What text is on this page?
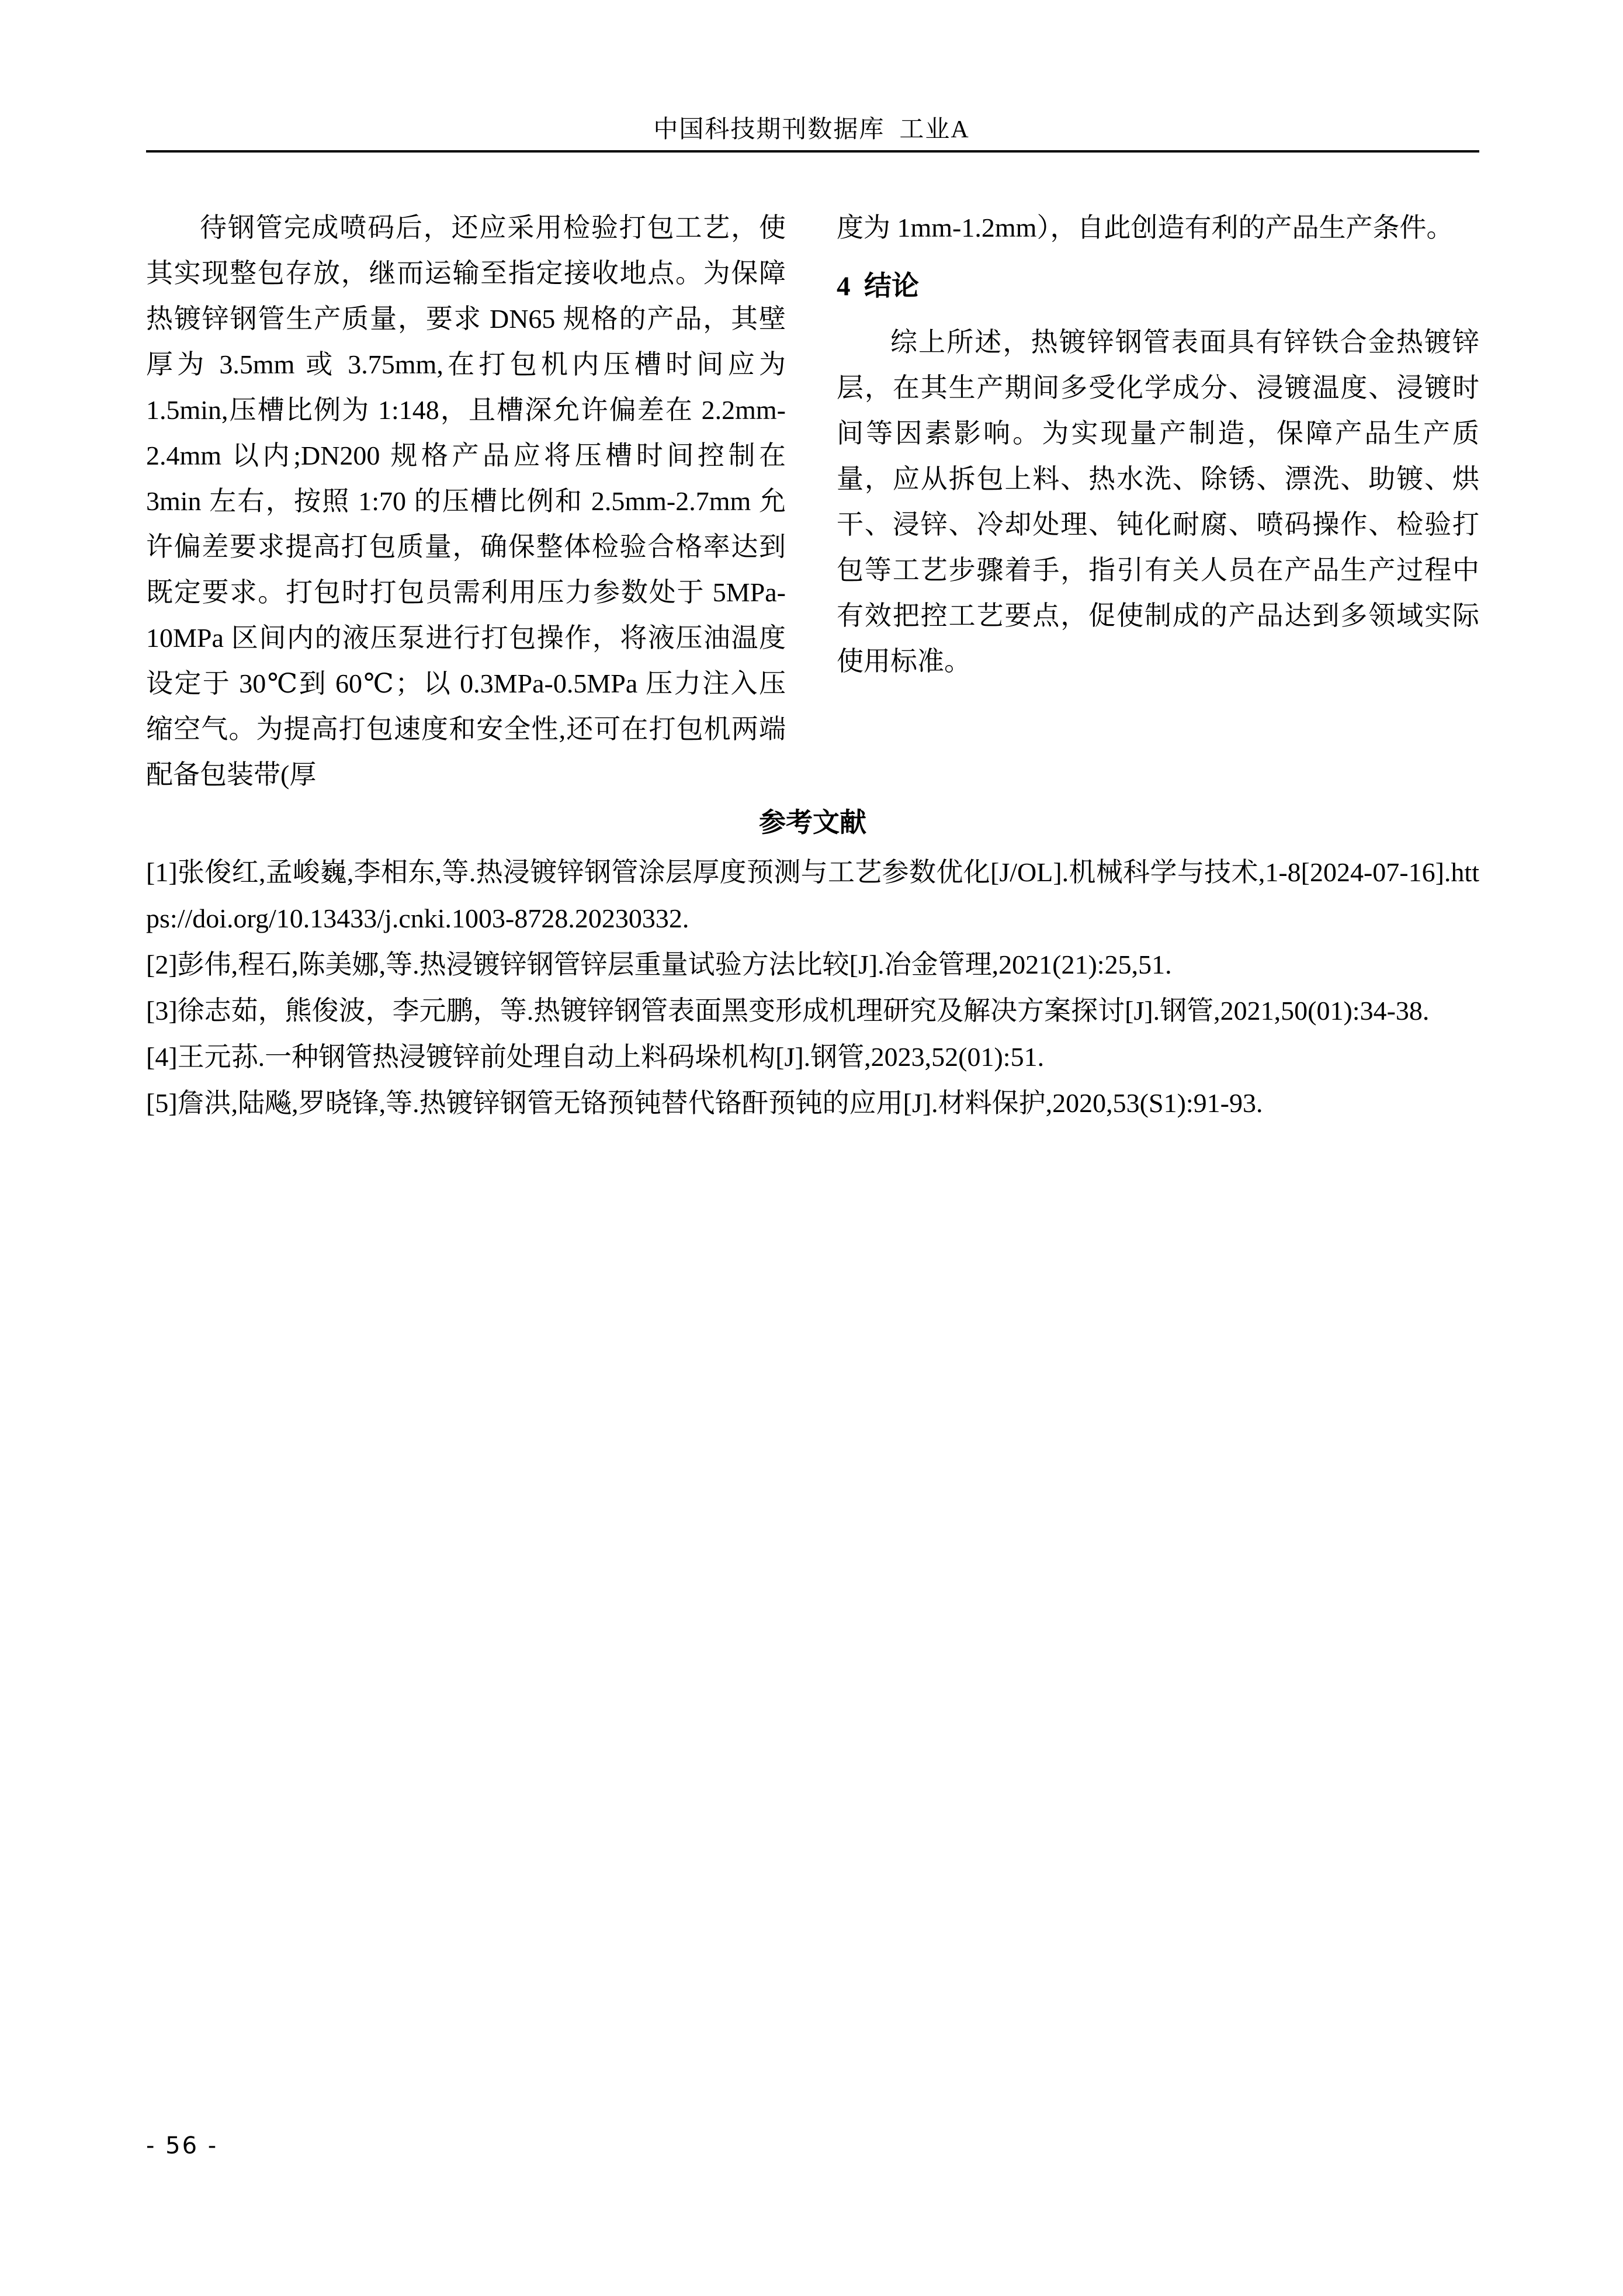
中国科技期刊数据库  工业A

待钢管完成喷码后，还应采用检验打包工艺，使其实现整包存放，继而运输至指定接收地点。为保障热镀锌钢管生产质量，要求 DN65 规格的产品，其壁厚为 3.5mm 或 3.75mm,在打包机内压槽时间应为 1.5min,压槽比例为 1:148，且槽深允许偏差在 2.2mm-2.4mm 以内;DN200 规格产品应将压槽时间控制在 3min 左右，按照 1:70 的压槽比例和 2.5mm-2.7mm 允许偏差要求提高打包质量，确保整体检验合格率达到既定要求。打包时打包员需利用压力参数处于 5MPa-10MPa 区间内的液压泵进行打包操作，将液压油温度设定于 30℃到 60℃；以 0.3MPa-0.5MPa 压力注入压缩空气。为提高打包速度和安全性,还可在打包机两端配备包装带(厚

度为 1mm-1.2mm），自此创造有利的产品生产条件。

4  结论

综上所述，热镀锌钢管表面具有锌铁合金热镀锌层，在其生产期间多受化学成分、浸镀温度、浸镀时间等因素影响。为实现量产制造，保障产品生产质量，应从拆包上料、热水洗、除锈、漂洗、助镀、烘干、浸锌、冷却处理、钝化耐腐、喷码操作、检验打包等工艺步骤着手，指引有关人员在产品生产过程中有效把控工艺要点，促使制成的产品达到多领域实际使用标准。

参考文献

[1]张俊红,孟峻巍,李相东,等.热浸镀锌钢管涂层厚度预测与工艺参数优化[J/OL].机械科学与技术,1-8[2024-07-16].https://doi.org/10.13433/j.cnki.1003-8728.20230332.

[2]彭伟,程石,陈美娜,等.热浸镀锌钢管锌层重量试验方法比较[J].冶金管理,2021(21):25,51.

[3]徐志茹，熊俊波，李元鹏，等.热镀锌钢管表面黑变形成机理研究及解决方案探讨[J].钢管,2021,50(01):34-38.

[4]王元荪.一种钢管热浸镀锌前处理自动上料码垛机构[J].钢管,2023,52(01):51.

[5]詹洪,陆飚,罗晓锋,等.热镀锌钢管无铬预钝替代铬酐预钝的应用[J].材料保护,2020,53(S1):91-93.

- 56 -
